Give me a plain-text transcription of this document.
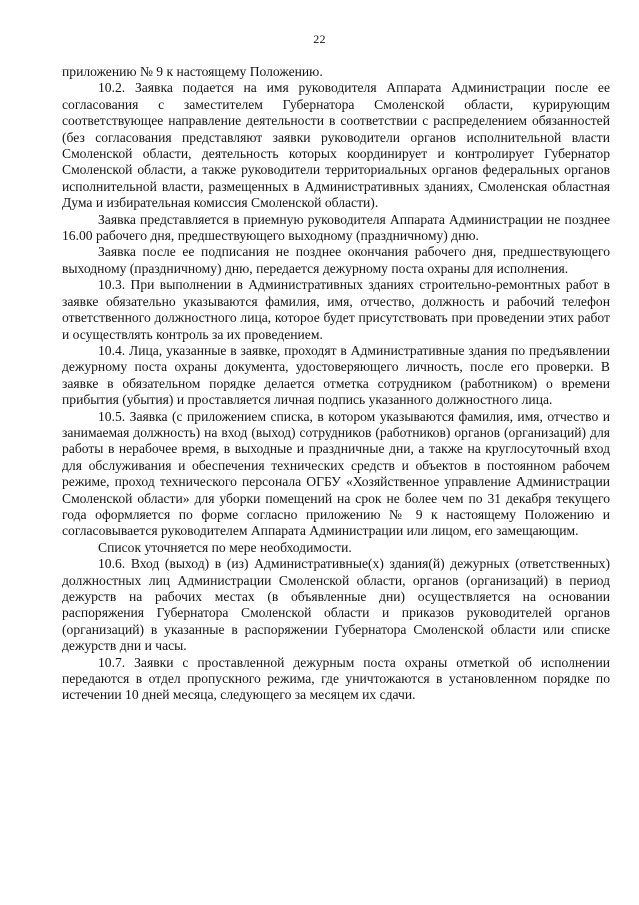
22

приложению № 9 к настоящему Положению.

10.2. Заявка подается на имя руководителя Аппарата Администрации после ее согласования с заместителем Губернатора Смоленской области, курирующим соответствующее направление деятельности в соответствии с распределением обязанностей (без согласования представляют заявки руководители органов исполнительной власти Смоленской области, деятельность которых координирует и контролирует Губернатор Смоленской области, а также руководители территориальных органов федеральных органов исполнительной власти, размещенных в Административных зданиях, Смоленская областная Дума и избирательная комиссия Смоленской области).

Заявка представляется в приемную руководителя Аппарата Администрации не позднее 16.00 рабочего дня, предшествующего выходному (праздничному) дню.

Заявка после ее подписания не позднее окончания рабочего дня, предшествующего выходному (праздничному) дню, передается дежурному поста охраны для исполнения.

10.3. При выполнении в Административных зданиях строительно-ремонтных работ в заявке обязательно указываются фамилия, имя, отчество, должность и рабочий телефон ответственного должностного лица, которое будет присутствовать при проведении этих работ и осуществлять контроль за их проведением.

10.4. Лица, указанные в заявке, проходят в Административные здания по предъявлении дежурному поста охраны документа, удостоверяющего личность, после его проверки. В заявке в обязательном порядке делается отметка сотрудником (работником) о времени прибытия (убытия) и проставляется личная подпись указанного должностного лица.

10.5. Заявка (с приложением списка, в котором указываются фамилия, имя, отчество и занимаемая должность) на вход (выход) сотрудников (работников) органов (организаций) для работы в нерабочее время, в выходные и праздничные дни, а также на круглосуточный вход для обслуживания и обеспечения технических средств и объектов в постоянном рабочем режиме, проход технического персонала ОГБУ «Хозяйственное управление Администрации Смоленской области» для уборки помещений на срок не более чем по 31 декабря текущего года оформляется по форме согласно приложению № 9 к настоящему Положению и согласовывается руководителем Аппарата Администрации или лицом, его замещающим.

Список уточняется по мере необходимости.

10.6. Вход (выход) в (из) Административные(х) здания(й) дежурных (ответственных) должностных лиц Администрации Смоленской области, органов (организаций) в период дежурств на рабочих местах (в объявленные дни) осуществляется на основании распоряжения Губернатора Смоленской области и приказов руководителей органов (организаций) в указанные в распоряжении Губернатора Смоленской области или списке дежурств дни и часы.

10.7. Заявки с проставленной дежурным поста охраны отметкой об исполнении передаются в отдел пропускного режима, где уничтожаются в установленном порядке по истечении 10 дней месяца, следующего за месяцем их сдачи.
